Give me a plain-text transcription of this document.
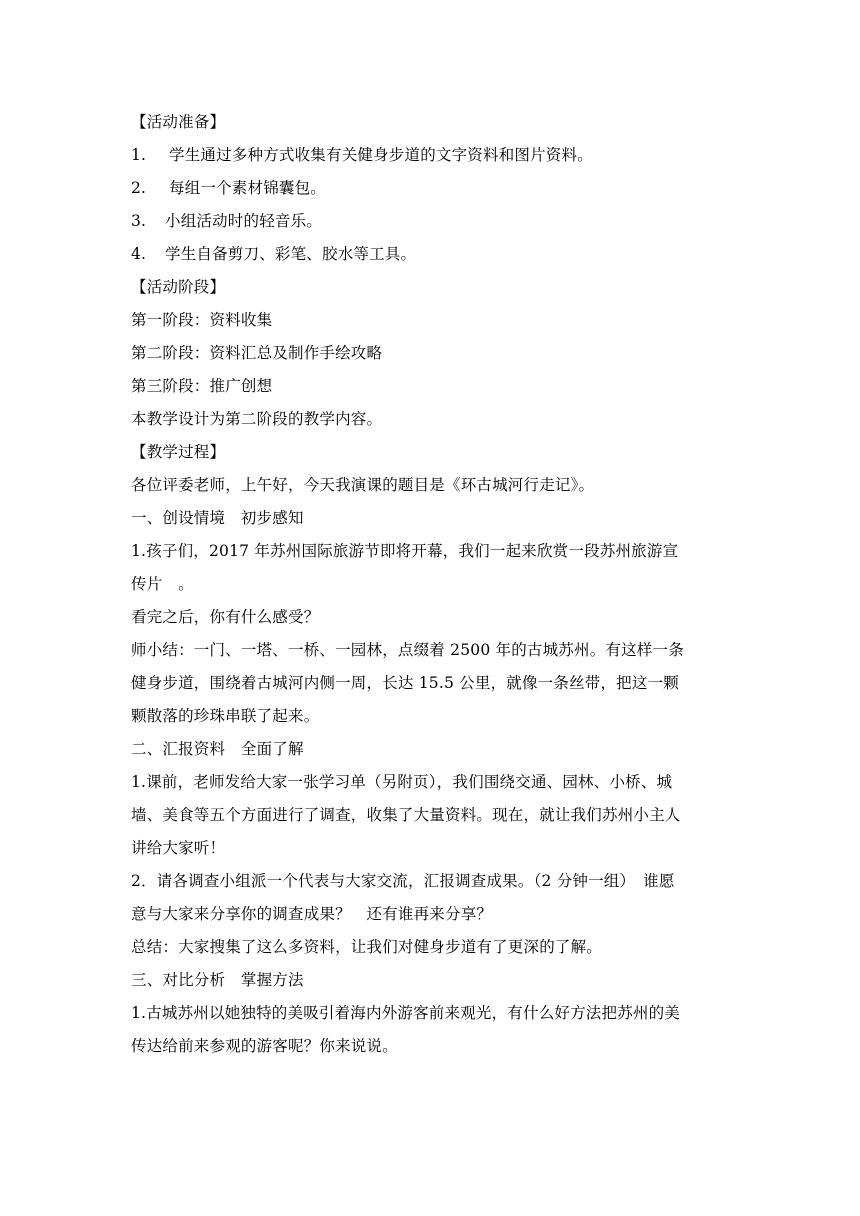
【活动准备】
1. 学生通过多种方式收集有关健身步道的文字资料和图片资料。
2. 每组一个素材锦囊包。
3. 小组活动时的轻音乐。
4. 学生自备剪刀、彩笔、胶水等工具。
【活动阶段】
第一阶段：资料收集
第二阶段：资料汇总及制作手绘攻略
第三阶段：推广创想
本教学设计为第二阶段的教学内容。
【教学过程】
各位评委老师，上午好，今天我演课的题目是《环古城河行走记》。
一、创设情境　初步感知
1.孩子们，2017 年苏州国际旅游节即将开幕，我们一起来欣赏一段苏州旅游宣
传片　。
看完之后，你有什么感受？
师小结：一门、一塔、一桥、一园林，点缀着 2500 年的古城苏州。有这样一条
健身步道，围绕着古城河内侧一周，长达 15.5 公里，就像一条丝带，把这一颗
颗散落的珍珠串联了起来。
二、汇报资料　全面了解
1.课前，老师发给大家一张学习单（另附页），我们围绕交通、园林、小桥、城
墙、美食等五个方面进行了调查，收集了大量资料。现在，就让我们苏州小主人
讲给大家听！
2．请各调查小组派一个代表与大家交流，汇报调查成果。（2 分钟一组）　谁愿
意与大家来分享你的调查成果？　还有谁再来分享？
总结：大家搜集了这么多资料，让我们对健身步道有了更深的了解。
三、对比分析　掌握方法
1.古城苏州以她独特的美吸引着海内外游客前来观光，有什么好方法把苏州的美
传达给前来参观的游客呢？你来说说。
